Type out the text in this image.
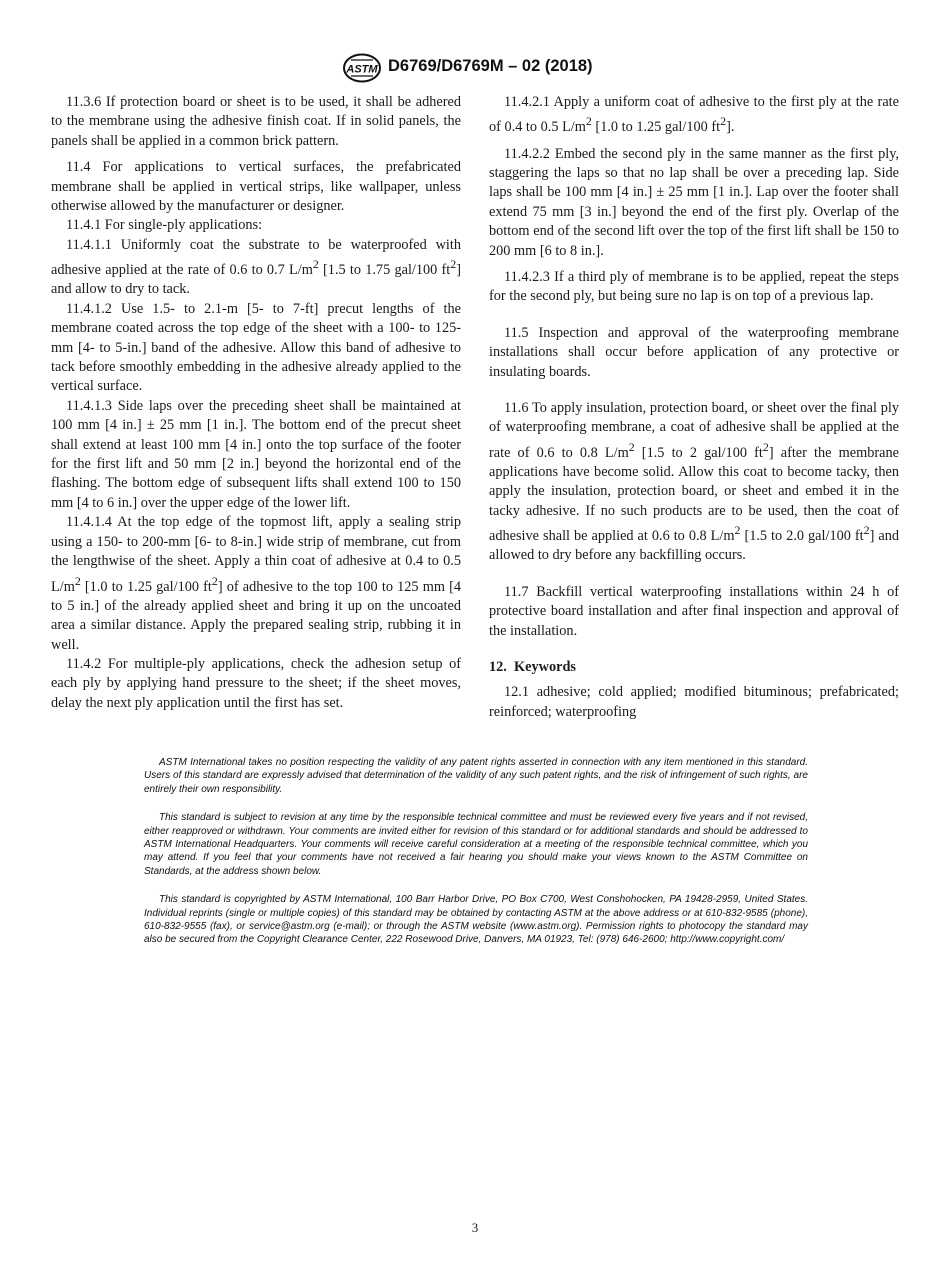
ASTM D6769/D6769M – 02 (2018)

11.3.6 If protection board or sheet is to be used, it shall be adhered to the membrane using the adhesive finish coat. If in solid panels, the panels shall be applied in a common brick pattern.

11.4 For applications to vertical surfaces, the prefabricated membrane shall be applied in vertical strips, like wallpaper, unless otherwise allowed by the manufacturer or designer.

11.4.1 For single-ply applications:

11.4.1.1 Uniformly coat the substrate to be waterproofed with adhesive applied at the rate of 0.6 to 0.7 $L/m^2$ [1.5 to 1.75 gal/100 $ft^2$] and allow to dry to tack.

11.4.1.2 Use 1.5- to 2.1-m [5- to 7-ft] precut lengths of the membrane coated across the top edge of the sheet with a 100- to 125-mm [4- to 5-in.] band of the adhesive. Allow this band of adhesive to tack before smoothly embedding in the adhesive already applied to the vertical surface.

11.4.1.3 Side laps over the preceding sheet shall be maintained at 100 mm [4 in.] ± 25 mm [1 in.]. The bottom end of the precut sheet shall extend at least 100 mm [4 in.] onto the top surface of the footer for the first lift and 50 mm [2 in.] beyond the horizontal end of the flashing. The bottom edge of subsequent lifts shall extend 100 to 150 mm [4 to 6 in.] over the upper edge of the lower lift.

11.4.1.4 At the top edge of the topmost lift, apply a sealing strip using a 150- to 200-mm [6- to 8-in.] wide strip of membrane, cut from the lengthwise of the sheet. Apply a thin coat of adhesive at 0.4 to 0.5 $L/m^2$ [1.0 to 1.25 gal/100 $ft^2$] of adhesive to the top 100 to 125 mm [4 to 5 in.] of the already applied sheet and bring it up on the uncoated area a similar distance. Apply the prepared sealing strip, rubbing it in well.

11.4.2 For multiple-ply applications, check the adhesion setup of each ply by applying hand pressure to the sheet; if the sheet moves, delay the next ply application until the first has set.

11.4.2.1 Apply a uniform coat of adhesive to the first ply at the rate of 0.4 to 0.5 $L/m^2$ [1.0 to 1.25 gal/100 $ft^2$].

11.4.2.2 Embed the second ply in the same manner as the first ply, staggering the laps so that no lap shall be over a preceding lap. Side laps shall be 100 mm [4 in.] ± 25 mm [1 in.]. Lap over the footer shall extend 75 mm [3 in.] beyond the end of the first ply. Overlap of the bottom end of the second lift over the top of the first lift shall be 150 to 200 mm [6 to 8 in.].

11.4.2.3 If a third ply of membrane is to be applied, repeat the steps for the second ply, but being sure no lap is on top of a previous lap.

11.5 Inspection and approval of the waterproofing membrane installations shall occur before application of any protective or insulating boards.

11.6 To apply insulation, protection board, or sheet over the final ply of waterproofing membrane, a coat of adhesive shall be applied at the rate of 0.6 to 0.8 $L/m^2$ [1.5 to 2 gal/100 $ft^2$] after the membrane applications have become solid. Allow this coat to become tacky, then apply the insulation, protection board, or sheet and embed it in the tacky adhesive. If no such products are to be used, then the coat of adhesive shall be applied at 0.6 to 0.8 $L/m^2$ [1.5 to 2.0 gal/100 $ft^2$] and allowed to dry before any backfilling occurs.

11.7 Backfill vertical waterproofing installations within 24 h of protective board installation and after final inspection and approval of the installation.

12.  Keywords

12.1 adhesive; cold applied; modified bituminous; prefabricated; reinforced; waterproofing

ASTM International takes no position respecting the validity of any patent rights asserted in connection with any item mentioned in this standard. Users of this standard are expressly advised that determination of the validity of any such patent rights, and the risk of infringement of such rights, are entirely their own responsibility.

This standard is subject to revision at any time by the responsible technical committee and must be reviewed every five years and if not revised, either reapproved or withdrawn. Your comments are invited either for revision of this standard or for additional standards and should be addressed to ASTM International Headquarters. Your comments will receive careful consideration at a meeting of the responsible technical committee, which you may attend. If you feel that your comments have not received a fair hearing you should make your views known to the ASTM Committee on Standards, at the address shown below.

This standard is copyrighted by ASTM International, 100 Barr Harbor Drive, PO Box C700, West Conshohocken, PA 19428-2959, United States. Individual reprints (single or multiple copies) of this standard may be obtained by contacting ASTM at the above address or at 610-832-9585 (phone), 610-832-9555 (fax), or service@astm.org (e-mail); or through the ASTM website (www.astm.org). Permission rights to photocopy the standard may also be secured from the Copyright Clearance Center, 222 Rosewood Drive, Danvers, MA 01923, Tel: (978) 646-2600; http://www.copyright.com/

3
